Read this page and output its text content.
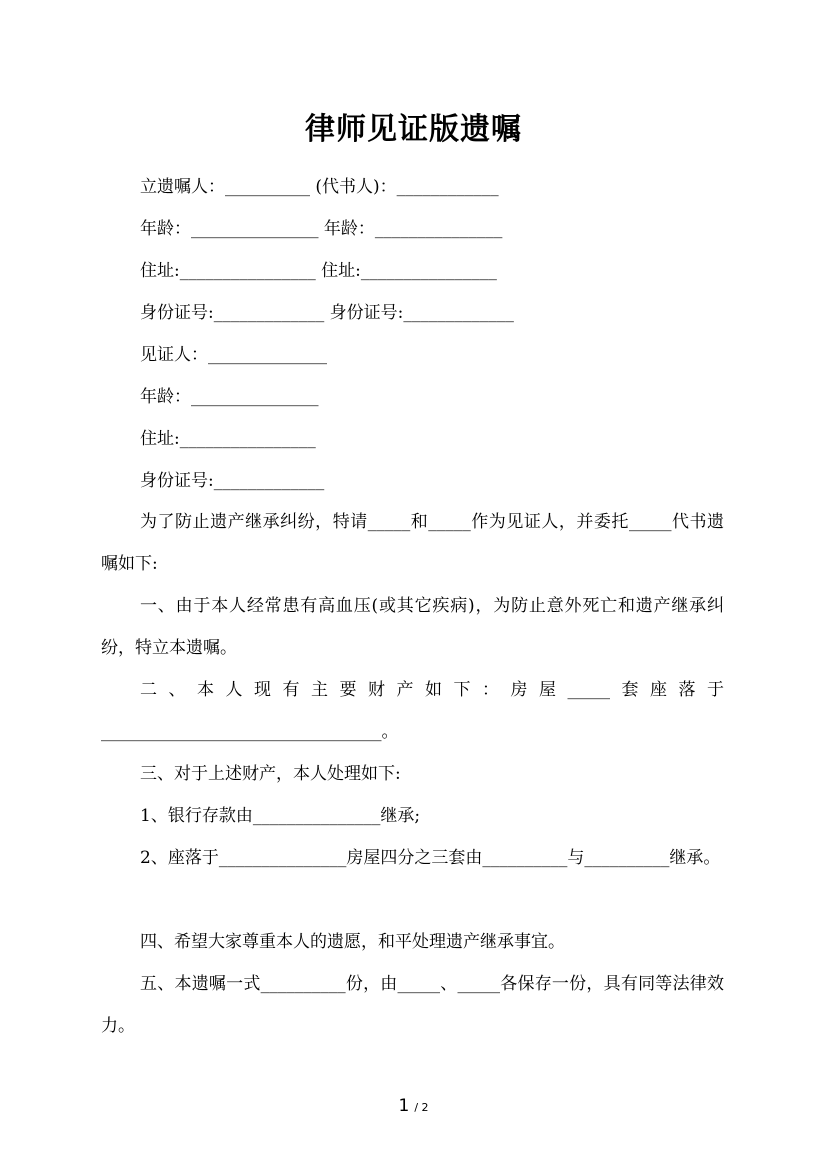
律师见证版遗嘱
立遗嘱人：__________ (代书人)：____________
年龄：_______________ 年龄：_______________
住址:________________ 住址:________________
身份证号:_____________ 身份证号:_____________
见证人：______________
年龄：_______________
住址:________________
身份证号:_____________
为了防止遗产继承纠纷，特请_____和_____作为见证人，并委托_____代书遗嘱如下:
一、由于本人经常患有高血压(或其它疾病)，为防止意外死亡和遗产继承纠纷，特立本遗嘱。
二、本人现有主要财产如下：房屋_____套座落于_________________________________。
三、对于上述财产，本人处理如下:
1、银行存款由_______________继承;
2、座落于_______________房屋四分之三套由__________与__________继承。
四、希望大家尊重本人的遗愿，和平处理遗产继承事宜。
五、本遗嘱一式__________份，由_____、_____各保存一份，具有同等法律效力。
1 / 2
